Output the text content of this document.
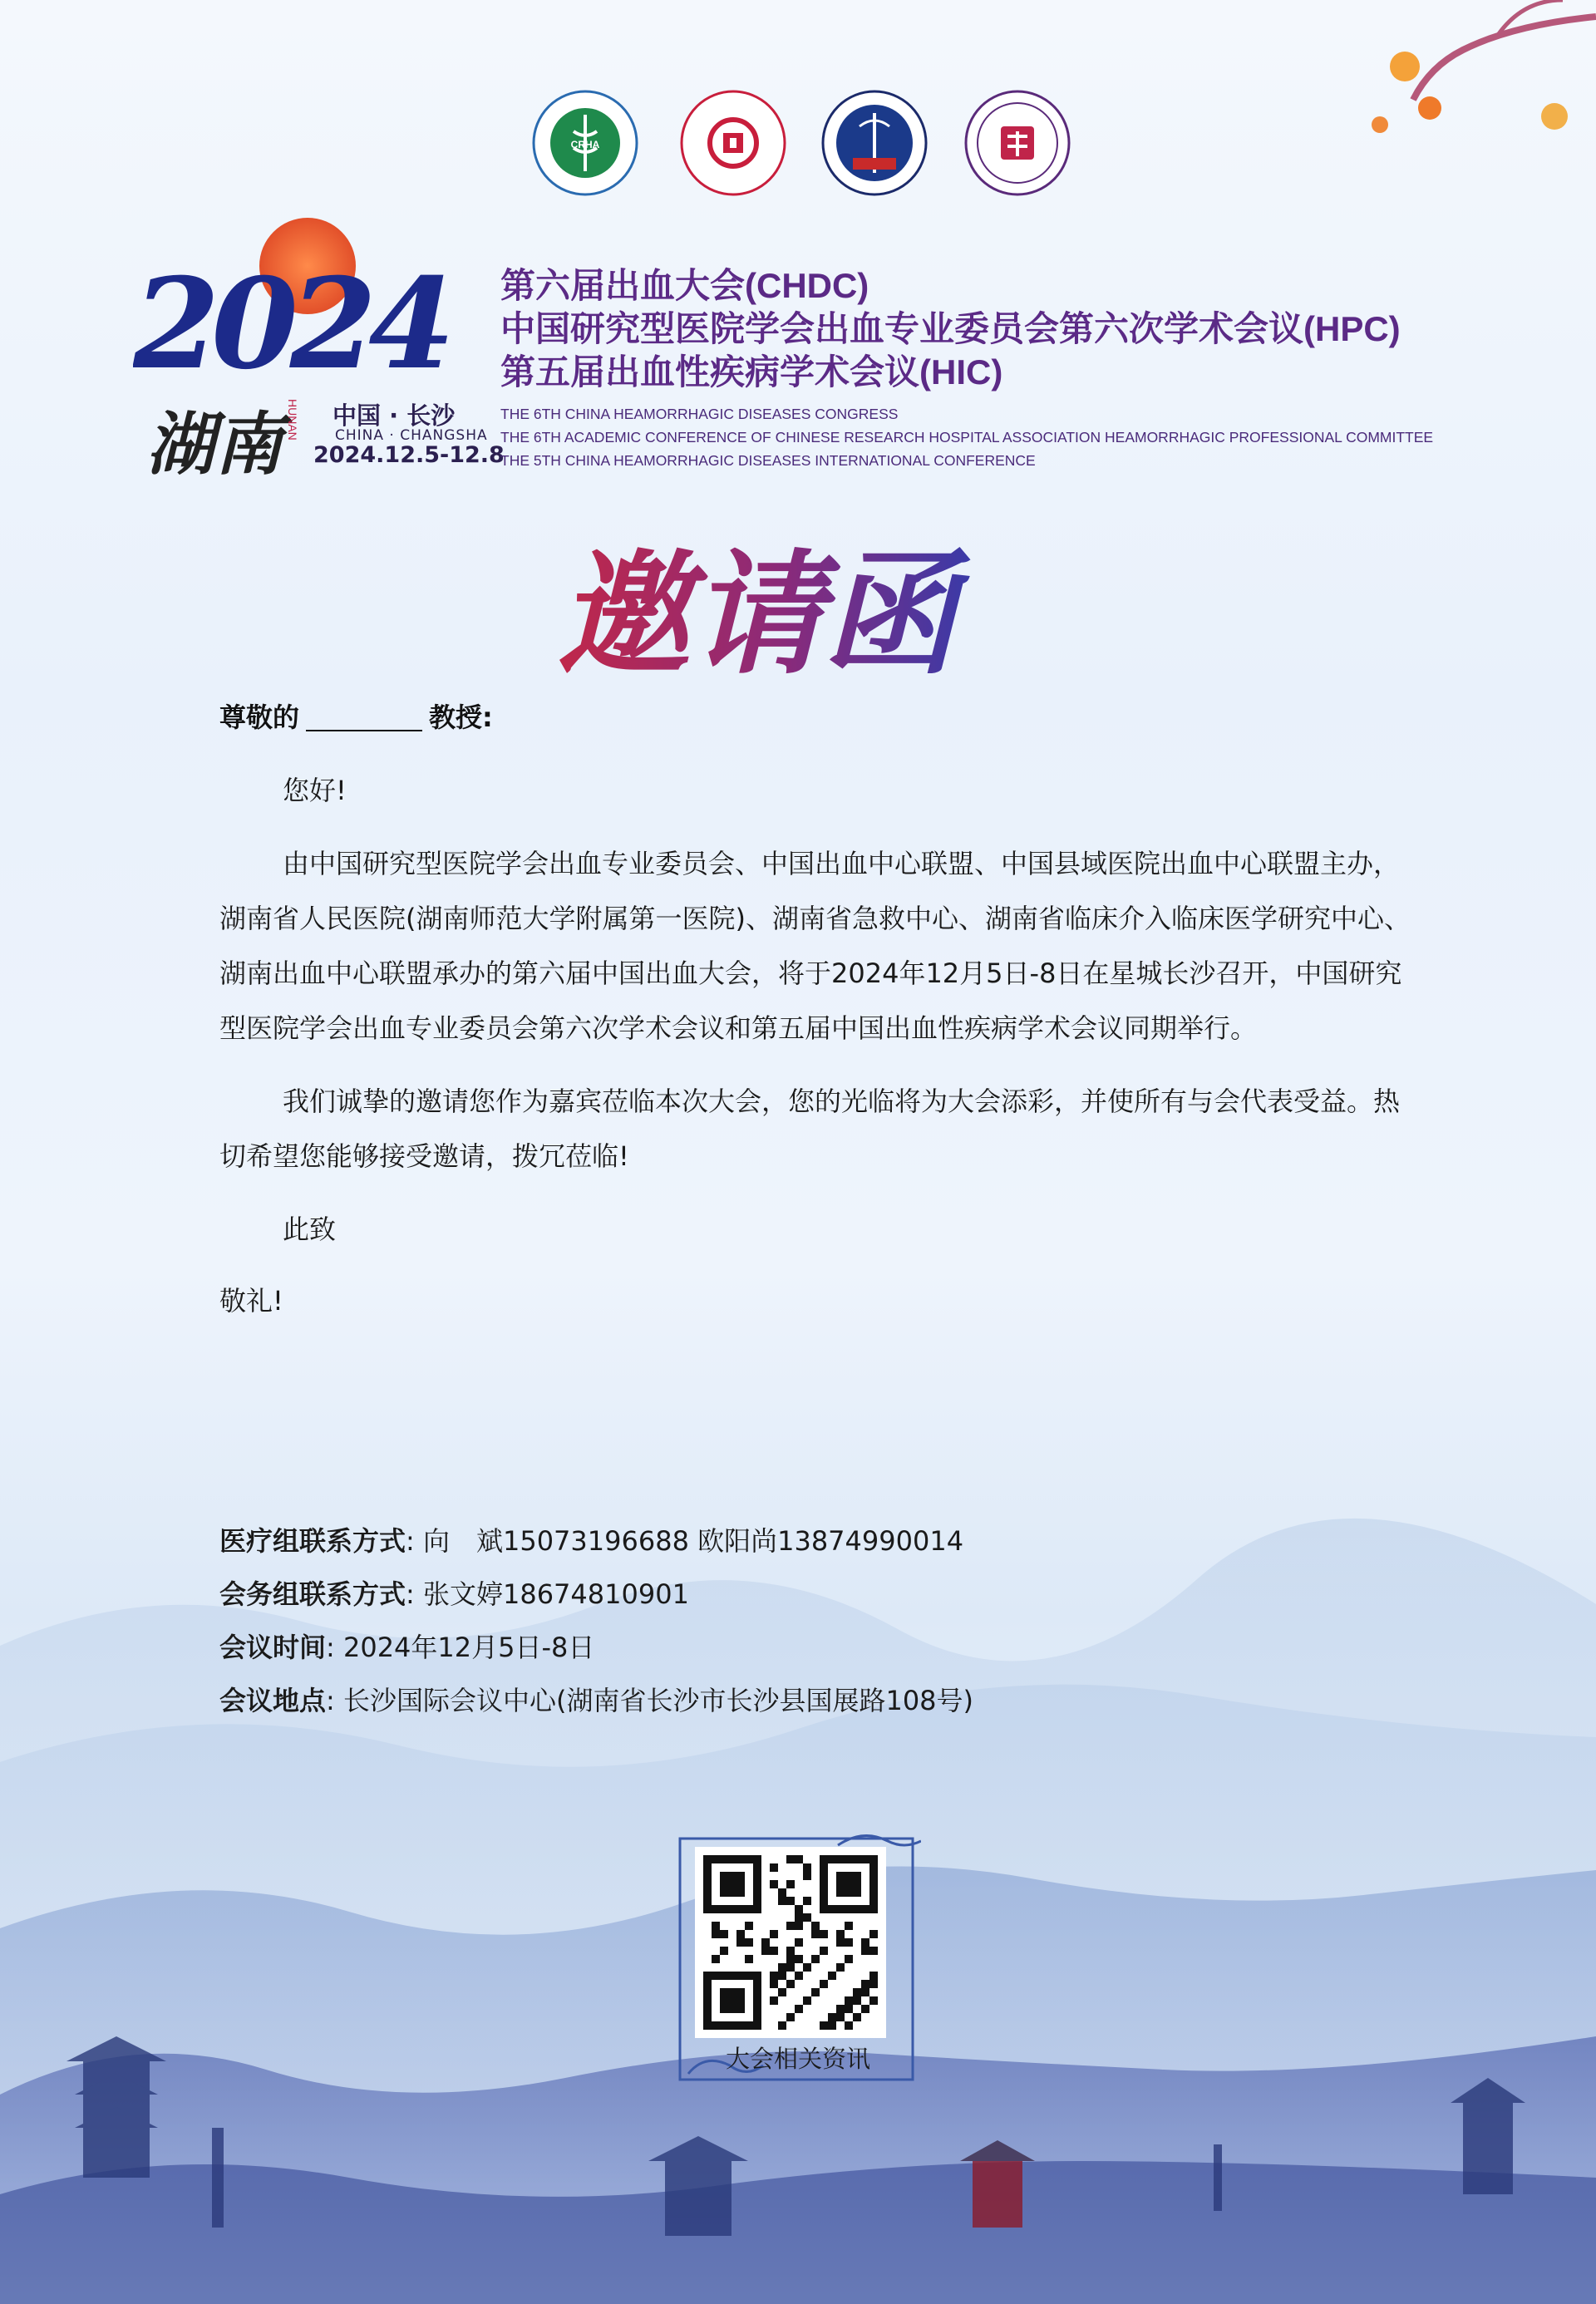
CRHA
2024
湖南 HUNAN 中国 · 长沙
CHINA · CHANGSHA
2024.12.5-12.8
第六届出血大会(CHDC)
中国研究型医院学会出血专业委员会第六次学术会议(HPC)
第五届出血性疾病学术会议(HIC)
THE 6TH CHINA HEAMORRHAGIC DISEASES CONGRESS
THE 6TH ACADEMIC CONFERENCE OF CHINESE RESEARCH HOSPITAL ASSOCIATION HEAMORRHAGIC PROFESSIONAL COMMITTEE
THE 5TH CHINA HEAMORRHAGIC DISEASES INTERNATIONAL CONFERENCE
邀请函
尊敬的	教授:

您好!

由中国研究型医院学会出血专业委员会、中国出血中心联盟、中国县域医院出血中心联盟主办，湖南省人民医院(湖南师范大学附属第一医院)、湖南省急救中心、湖南省临床介入临床医学研究中心、湖南出血中心联盟承办的第六届中国出血大会，将于2024年12月5日-8日在星城长沙召开，中国研究型医院学会出血专业委员会第六次学术会议和第五届中国出血性疾病学术会议同期举行。

我们诚挚的邀请您作为嘉宾莅临本次大会，您的光临将为大会添彩，并使所有与会代表受益。热切希望您能够接受邀请，拨冗莅临!

此致

敬礼!

医疗组联系方式: 向　斌15073196688 欧阳尚13874990014
会务组联系方式: 张文婷18674810901
会议时间: 2024年12月5日-8日
会议地点: 长沙国际会议中心(湖南省长沙市长沙县国展路108号)
大会相关资讯
